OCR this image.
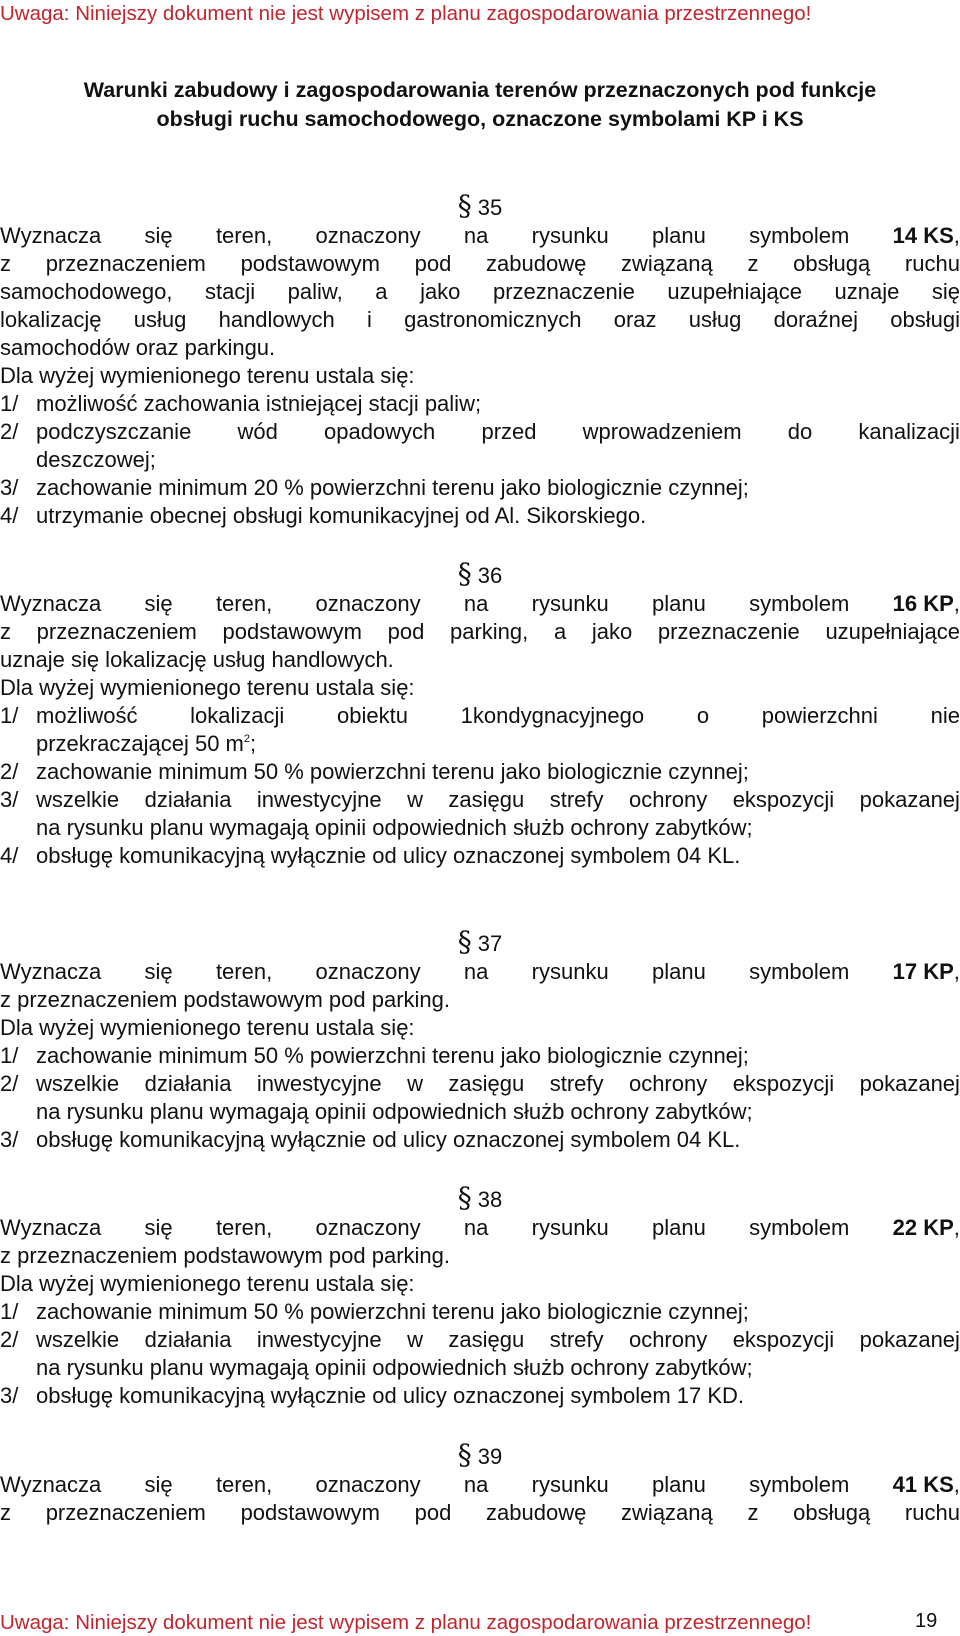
Uwaga: Niniejszy dokument nie jest wypisem z planu zagospodarowania przestrzennego!
Warunki zabudowy i zagospodarowania terenów przeznaczonych pod funkcje
obsługi ruchu samochodowego, oznaczone symbolami KP i KS
§ 35
Wyznacza się teren, oznaczony na rysunku planu symbolem 14 KS,
z przeznaczeniem podstawowym pod zabudowę związaną z obsługą ruchu
samochodowego, stacji paliw, a jako przeznaczenie uzupełniające uznaje się
lokalizację usług handlowych i gastronomicznych oraz usług doraźnej obsługi
samochodów oraz parkingu.
Dla wyżej wymienionego terenu ustala się:
1/ możliwość zachowania istniejącej stacji paliw;
2/ podczyszczanie wód opadowych przed wprowadzeniem do kanalizacji
deszczowej;
3/ zachowanie minimum 20 % powierzchni terenu jako biologicznie czynnej;
4/ utrzymanie obecnej obsługi komunikacyjnej od Al. Sikorskiego.
§ 36
Wyznacza się teren, oznaczony na rysunku planu symbolem 16 KP,
z przeznaczeniem podstawowym pod parking, a jako przeznaczenie uzupełniające
uznaje się lokalizację usług handlowych.
Dla wyżej wymienionego terenu ustala się:
1/ możliwość lokalizacji obiektu 1kondygnacyjnego o powierzchni nie
przekraczającej 50 $m^2$;
2/ zachowanie minimum 50 % powierzchni terenu jako biologicznie czynnej;
3/ wszelkie działania inwestycyjne w zasięgu strefy ochrony ekspozycji pokazanej
na rysunku planu wymagają opinii odpowiednich służb ochrony zabytków;
4/ obsługę komunikacyjną wyłącznie od ulicy oznaczonej symbolem 04 KL.
§ 37
Wyznacza się teren, oznaczony na rysunku planu symbolem 17 KP,
z przeznaczeniem podstawowym pod parking.
Dla wyżej wymienionego terenu ustala się:
1/ zachowanie minimum 50 % powierzchni terenu jako biologicznie czynnej;
2/ wszelkie działania inwestycyjne w zasięgu strefy ochrony ekspozycji pokazanej
na rysunku planu wymagają opinii odpowiednich służb ochrony zabytków;
3/ obsługę komunikacyjną wyłącznie od ulicy oznaczonej symbolem 04 KL.
§ 38
Wyznacza się teren, oznaczony na rysunku planu symbolem 22 KP,
z przeznaczeniem podstawowym pod parking.
Dla wyżej wymienionego terenu ustala się:
1/ zachowanie minimum 50 % powierzchni terenu jako biologicznie czynnej;
2/ wszelkie działania inwestycyjne w zasięgu strefy ochrony ekspozycji pokazanej
na rysunku planu wymagają opinii odpowiednich służb ochrony zabytków;
3/ obsługę komunikacyjną wyłącznie od ulicy oznaczonej symbolem 17 KD.
§ 39
Wyznacza się teren, oznaczony na rysunku planu symbolem 41 KS,
z przeznaczeniem podstawowym pod zabudowę związaną z obsługą ruchu
Uwaga: Niniejszy dokument nie jest wypisem z planu zagospodarowania przestrzennego!	19
